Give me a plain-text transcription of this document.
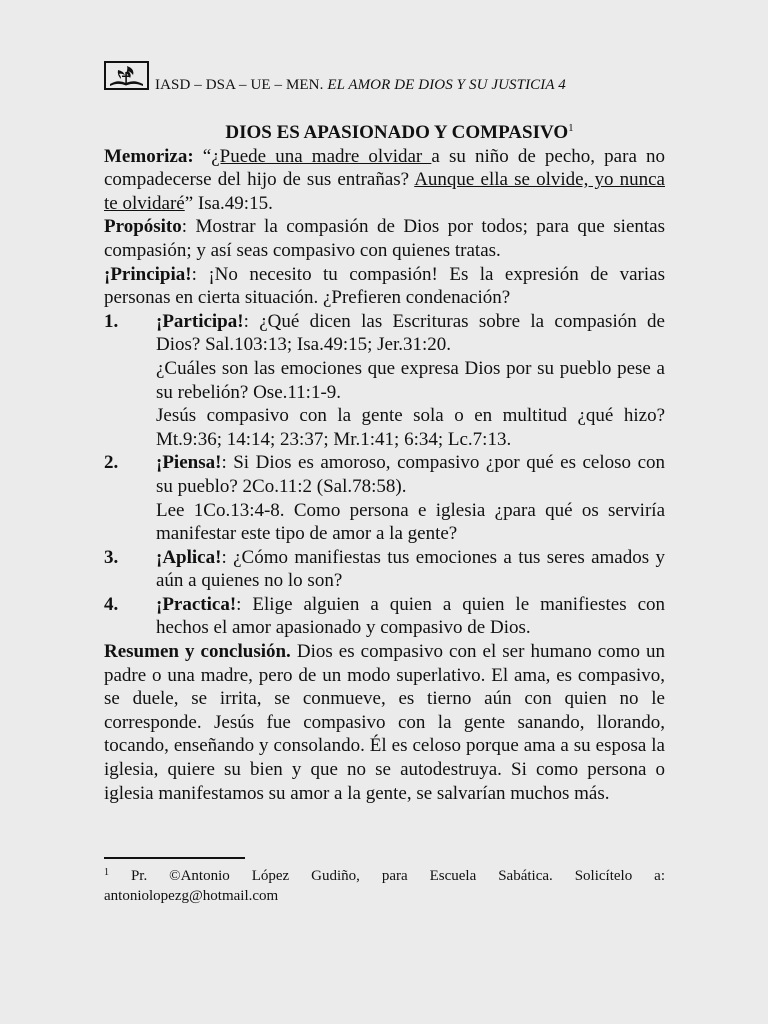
IASD – DSA – UE – MEN. EL AMOR DE DIOS Y SU JUSTICIA 4

DIOS ES APASIONADO Y COMPASIVO$^1$

Memoriza: “¿Puede una madre olvidar a su niño de pecho, para no compadecerse del hijo de sus entrañas? Aunque ella se olvide, yo nunca te olvidaré” Isa.49:15.

Propósito: Mostrar la compasión de Dios por todos; para que sientas compasión; y así seas compasivo con quienes tratas.

¡Principia!: ¡No necesito tu compasión! Es la expresión de varias personas en cierta situación. ¿Prefieren condenación?

1. ¡Participa!: ¿Qué dicen las Escrituras sobre la compasión de Dios? Sal.103:13; Isa.49:15; Jer.31:20.
¿Cuáles son las emociones que expresa Dios por su pueblo pese a su rebelión? Ose.11:1-9.
Jesús compasivo con la gente sola o en multitud ¿qué hizo? Mt.9:36; 14:14; 23:37; Mr.1:41; 6:34; Lc.7:13.
2. ¡Piensa!: Si Dios es amoroso, compasivo ¿por qué es celoso con su pueblo? 2Co.11:2 (Sal.78:58).
Lee 1Co.13:4-8. Como persona e iglesia ¿para qué os serviría manifestar este tipo de amor a la gente?
3. ¡Aplica!: ¿Cómo manifiestas tus emociones a tus seres amados y aún a quienes no lo son?
4. ¡Practica!: Elige alguien a quien a quien le manifiestes con hechos el amor apasionado y compasivo de Dios.

Resumen y conclusión. Dios es compasivo con el ser humano como un padre o una madre, pero de un modo superlativo. El ama, es compasivo, se duele, se irrita, se conmueve, es tierno aún con quien no le corresponde. Jesús fue compasivo con la gente sanando, llorando, tocando, enseñando y consolando. Él es celoso porque ama a su esposa la iglesia, quiere su bien y que no se autodestruya. Si como persona o iglesia manifestamos su amor a la gente, se salvarían muchos más.

$^1$ Pr. ©Antonio López Gudiño, para Escuela Sabática. Solicítelo a: antoniolopezg@hotmail.com
